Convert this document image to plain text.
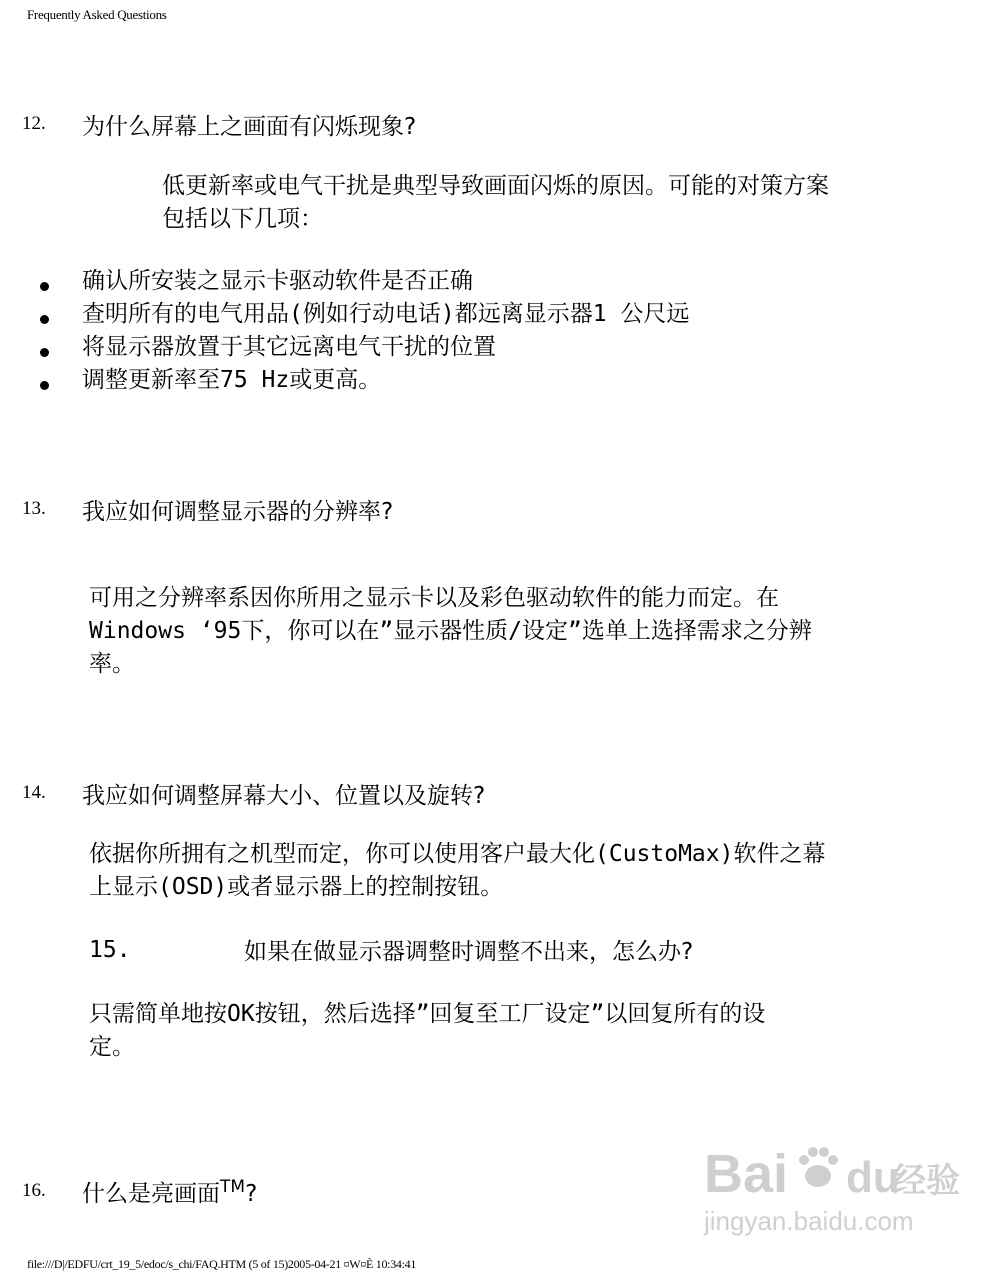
Frequently Asked Questions
12. 为什么屏幕上之画面有闪烁现象?
低更新率或电气干扰是典型导致画面闪烁的原因。可能的对策方案
包括以下几项：
确认所安装之显示卡驱动软件是否正确
查明所有的电气用品(例如行动电话)都远离显示器1 公尺远
将显示器放置于其它远离电气干扰的位置
调整更新率至75 Hz或更高。
13. 我应如何调整显示器的分辨率?
可用之分辨率系因你所用之显示卡以及彩色驱动软件的能力而定。在
Windows ‘95下，你可以在”显示器性质/设定”选单上选择需求之分辨
率。
14. 我应如何调整屏幕大小、位置以及旋转?
依据你所拥有之机型而定，你可以使用客户最大化(CustoMax)软件之幕
上显示(OSD)或者显示器上的控制按钮。
15.	如果在做显示器调整时调整不出来，怎么办?
只需简单地按OK按钮，然后选择”回复至工厂设定”以回复所有的设
定。
16. 什么是亮画面™?	Bai du
经验
jingyan.baidu.com
file:///D|/EDFU/crt_19_5/edoc/s_chi/FAQ.HTM (5 of 15)2005-04-21 ¤W¤È 10:34:41
